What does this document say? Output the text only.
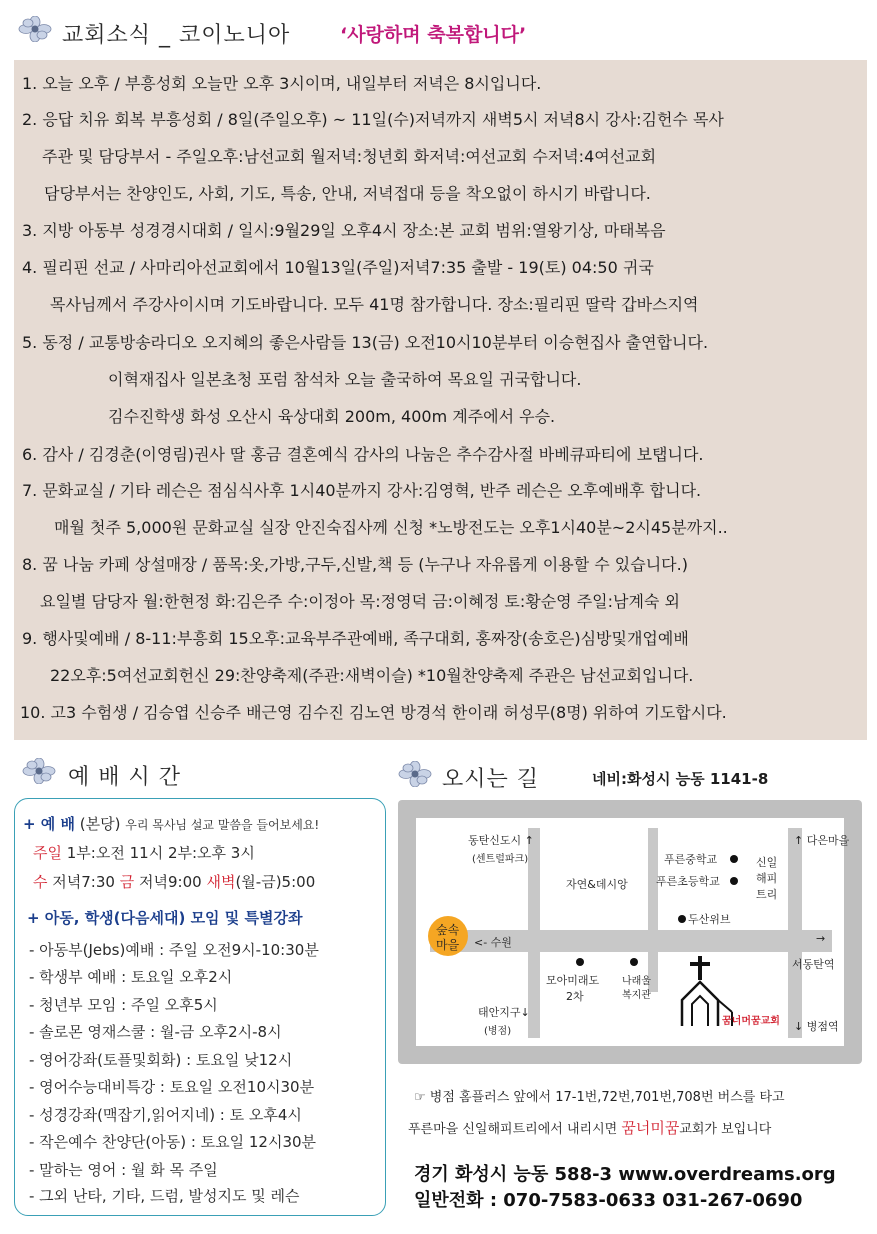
교회소식 _ 코이노니아	‘사랑하며 축복합니다’
1. 오늘 오후 / 부흥성회 오늘만 오후 3시이며, 내일부터 저녁은 8시입니다.
2. 응답 치유 회복 부흥성회 / 8일(주일오후) ~ 11일(수)저녁까지 새벽5시 저녁8시 강사:김헌수 목사
주관 및 담당부서 - 주일오후:남선교회 월저녁:청년회 화저녁:여선교회 수저녁:4여선교회
담당부서는 찬양인도, 사회, 기도, 특송, 안내, 저녁접대 등을 착오없이 하시기 바랍니다.
3. 지방 아동부 성경경시대회 / 일시:9월29일 오후4시 장소:본 교회 범위:열왕기상, 마태복음
4. 필리핀 선교 / 사마리아선교회에서 10월13일(주일)저녁7:35 출발 - 19(토) 04:50 귀국
목사님께서 주강사이시며 기도바랍니다. 모두 41명 참가합니다. 장소:필리핀 딸락 갑바스지역
5. 동정 / 교통방송라디오 오지혜의 좋은사람들 13(금) 오전10시10분부터 이승현집사 출연합니다.
이혁재집사 일본초청 포럼 참석차 오늘 출국하여 목요일 귀국합니다.
김수진학생 화성 오산시 육상대회 200m, 400m 계주에서 우승.
6. 감사 / 김경춘(이영림)권사 딸 홍금 결혼예식 감사의 나눔은 추수감사절 바베큐파티에 보탭니다.
7. 문화교실 / 기타 레슨은 점심식사후 1시40분까지 강사:김영혁, 반주 레슨은 오후예배후 합니다.
매월 첫주 5,000원 문화교실 실장 안진숙집사께 신청 *노방전도는 오후1시40분~2시45분까지..
8. 꿈 나눔 카페 상설매장 / 품목:옷,가방,구두,신발,책 등 (누구나 자유롭게 이용할 수 있습니다.)
요일별 담당자 월:한현정 화:김은주 수:이정아 목:정영덕 금:이혜정 토:황순영 주일:남계숙 외
9. 행사및예배 / 8-11:부흥회 15오후:교육부주관예배, 족구대회, 홍짜장(송호은)심방및개업예배
22오후:5여선교회헌신 29:찬양축제(주관:새벽이슬) *10월찬양축제 주관은 남선교회입니다.
10. 고3 수험생 / 김승엽 신승주 배근영 김수진 김노연 방경석 한이래 허성무(8명) 위하여 기도합시다.
예 배 시 간
+ 예 배 (본당) 우리 목사님 설교 말씀을 들어보세요!
주일 1부:오전 11시 2부:오후 3시
수 저녁7:30 금 저녁9:00 새벽(월-금)5:00
+ 아동, 학생(다음세대) 모임 및 특별강좌
- 아동부(Jebs)예배 : 주일 오전9시-10:30분
- 학생부 예배 : 토요일 오후2시
- 청년부 모임 : 주일 오후5시
- 솔로몬 영재스쿨 : 월-금 오후2시-8시
- 영어강좌(토플및회화) : 토요일 낮12시
- 영어수능대비특강 : 토요일 오전10시30분
- 성경강좌(맥잡기,읽어지네) : 토 오후4시
- 작은예수 찬양단(아동) : 토요일 12시30분
- 말하는 영어 : 월 화 목 주일
- 그외 난타, 기타, 드럼, 발성지도 및 레슨
오시는 길	네비:화성시 능동 1141-8
숲속
마을
동탄신도시 ↑
(센트럴파크)
자연&데시앙
푸른중학교
푸른초등학교
신일
해피
트리
↑ 다은마을
두산위브
<- 수원	→
서동탄역
모아미래도
2차
나래울
복지관
꿈너머꿈교회
태안지구↓
(병점)	↓ 병점역
☞ 병점 홈플러스 앞에서 17-1번,72번,701번,708번 버스를 타고
푸른마을 신일해피트리에서 내리시면 꿈너미꿈교회가 보입니다
경기 화성시 능동 588-3 www.overdreams.org
일반전화 : 070-7583-0633 031-267-0690
